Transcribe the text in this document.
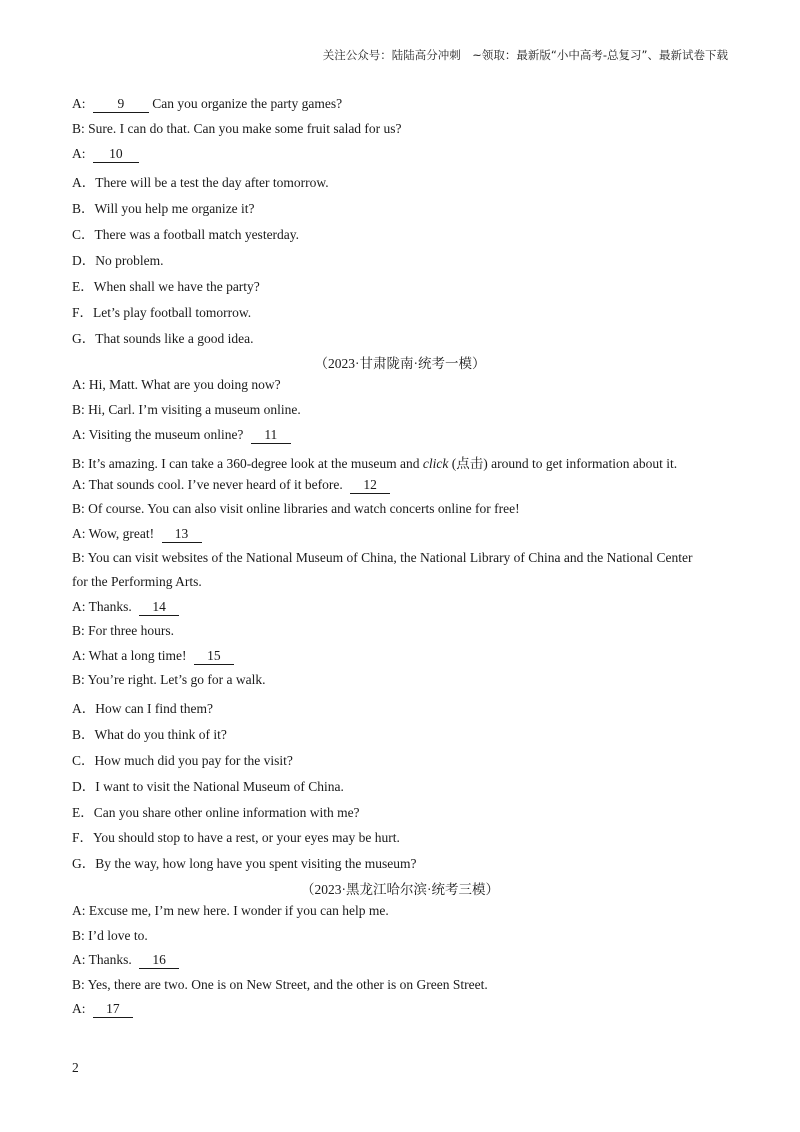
关注公众号：陆陆高分冲刺　~领取：最新版“小中高考-总复习”、最新试卷下载
A: 9 Can you organize the party games?
B: Sure. I can do that. Can you make some fruit salad for us?
A: 10
A．There will be a test the day after tomorrow.
B．Will you help me organize it?
C．There was a football match yesterday.
D．No problem.
E．When shall we have the party?
F．Let’s play football tomorrow.
G．That sounds like a good idea.
（2023·甘肃陇南·统考一模）
A: Hi, Matt. What are you doing now?
B: Hi, Carl. I’m visiting a museum online.
A: Visiting the museum online? 11
B: It’s amazing. I can take a 360-degree look at the museum and click (点击) around to get information about it.
A: That sounds cool. I’ve never heard of it before. 12
B: Of course. You can also visit online libraries and watch concerts online for free!
A: Wow, great! 13
B: You can visit websites of the National Museum of China, the National Library of China and the National Center
for the Performing Arts.
A: Thanks. 14
B: For three hours.
A: What a long time! 15
B: You’re right. Let’s go for a walk.
A．How can I find them?
B．What do you think of it?
C．How much did you pay for the visit?
D．I want to visit the National Museum of China.
E．Can you share other online information with me?
F．You should stop to have a rest, or your eyes may be hurt.
G．By the way, how long have you spent visiting the museum?
（2023·黑龙江哈尔滨·统考三模）
A: Excuse me, I’m new here. I wonder if you can help me.
B: I’d love to.
A: Thanks. 16
B: Yes, there are two. One is on New Street, and the other is on Green Street.
A: 17
2
